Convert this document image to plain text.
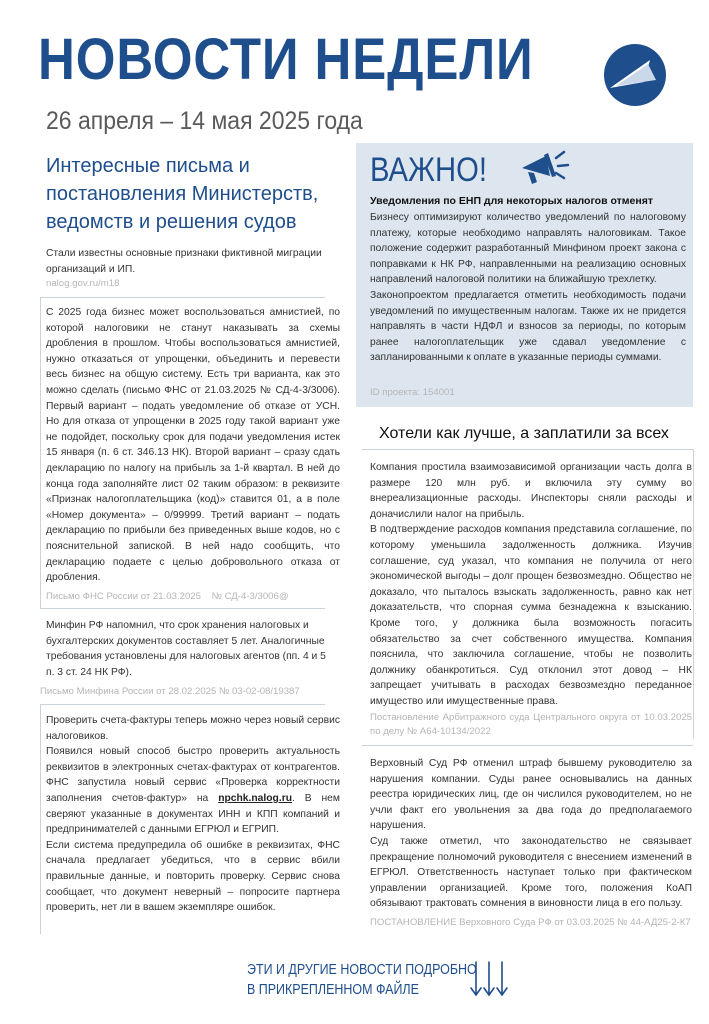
НОВОСТИ НЕДЕЛИ
26 апреля – 14 мая 2025 года
Интересные письма и постановления Министерств, ведомств и решения судов
Стали известны основные признаки фиктивной миграции организаций и ИП.
nalog.gov.ru/m18
С 2025 года бизнес может воспользоваться амнистией, по которой налоговики не станут наказывать за схемы дробления в прошлом. Чтобы воспользоваться амнистией, нужно отказаться от упрощенки, объединить и перевести весь бизнес на общую систему. Есть три варианта, как это можно сделать (письмо ФНС от 21.03.2025 № СД-4-3/3006). Первый вариант – подать уведомление об отказе от УСН. Но для отказа от упрощенки в 2025 году такой вариант уже не подойдет, поскольку срок для подачи уведомления истек 15 января (п. 6 ст. 346.13 НК). Второй вариант – сразу сдать декларацию по налогу на прибыль за 1-й квартал. В ней до конца года заполняйте лист 02 таким образом: в реквизите «Признак налогоплательщика (код)» ставится 01, а в поле «Номер документа» – 0/99999. Третий вариант – подать декларацию по прибыли без приведенных выше кодов, но с пояснительной запиской. В ней надо сообщить, что декларацию подаете с целью добровольного отказа от дробления.
Письмо ФНС России от 21.03.2025    № СД-4-3/3006@
Минфин РФ напомнил, что срок хранения налоговых и бухгалтерских документов составляет 5 лет. Аналогичные требования установлены для налоговых агентов (пп. 4 и 5 п. 3 ст. 24 НК РФ).
Письмо Минфина России от 28.02.2025 № 03-02-08/19387
Проверить счета-фактуры теперь можно через новый сервис налоговиков.
Появился новый способ быстро проверить актуальность реквизитов в электронных счетах-фактурах от контрагентов. ФНС запустила новый сервис «Проверка корректности заполнения счетов-фактур» на npchk.nalog.ru. В нем сверяют указанные в документах ИНН и КПП компаний и предпринимателей с данными ЕГРЮЛ и ЕГРИП.
Если система предупредила об ошибке в реквизитах, ФНС сначала предлагает убедиться, что в сервис вбили правильные данные, и повторить проверку. Сервис снова сообщает, что документ неверный – попросите партнера проверить, нет ли в вашем экземпляре ошибок.
ВАЖНО!
Уведомления по ЕНП для некоторых налогов отменят
Бизнесу оптимизируют количество уведомлений по налоговому платежу, которые необходимо направлять налоговикам. Такое положение содержит разработанный Минфином проект закона с поправками к НК РФ, направленными на реализацию основных направлений налоговой политики на ближайшую трехлетку.
Законопроектом предлагается отметить необходимость подачи уведомлений по имущественным налогам. Также их не придется направлять в части НДФЛ и взносов за периоды, по которым ранее налогоплательщик уже сдавал уведомление с запланированными к оплате в указанные периоды суммами.
ID проекта: 154001
Хотели как лучше, а заплатили за всех
Компания простила взаимозависимой организации часть долга в размере 120 млн руб. и включила эту сумму во внереализационные расходы. Инспекторы сняли расходы и доначислили налог на прибыль.
В подтверждение расходов компания представила соглашение, по которому уменьшила задолженность должника. Изучив соглашение, суд указал, что компания не получила от него экономической выгоды – долг прощен безвозмездно. Обществo не доказало, что пыталось взыскать задолженность, равно как нет доказательств, что спорная сумма безнадежна к взысканию. Кроме того, у должника была возможность погасить обязательство за счет собственного имущества. Компания пояснила, что заключила соглашение, чтобы не позволить должнику обанкротиться. Суд отклонил этот довод – НК запрещает учитывать в расходах безвозмездно переданное имущество или имущественные права.
Постановление Арбитражного суда Центрального округа от 10.03.2025 по делу № А64-10134/2022
Верховный Суд РФ отменил штраф бывшему руководителю за нарушения компании. Суды ранее основывались на данных реестра юридических лиц, где он числился руководителем, но не учли факт его увольнения за два года до предполагаемого нарушения.
Суд также отметил, что законодательство не связывает прекращение полномочий руководителя с внесением изменений в ЕГРЮЛ. Ответственность наступает только при фактическом управлении организацией. Кроме того, положения КоАП обязывают трактовать сомнения в виновности лица в его пользу.
ПОСТАНОВЛЕНИЕ Верховного Суда РФ от 03.03.2025 № 44-АД25-2-К7
ЭТИ И ДРУГИЕ НОВОСТИ ПОДРОБНО
В ПРИКРЕПЛЕННОМ ФАЙЛЕ
